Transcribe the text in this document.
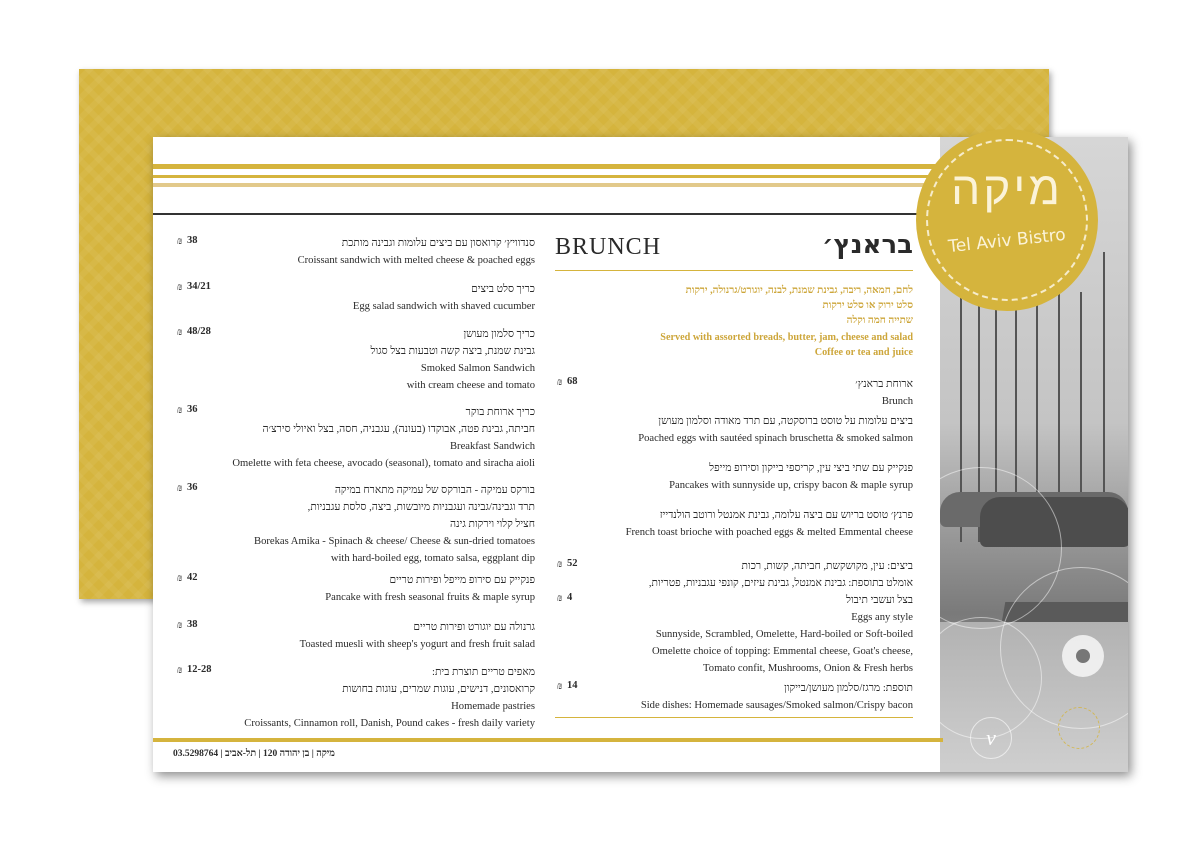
v
מיקה | בן יהודה 120 | תל-אביב | 03.5298764
מיקה
Tel Aviv Bistro
בראנץ׳
BRUNCH
לחם, חמאה, ריבה, גבינת שמנת, לבנה, יוגורט/גרנולה, ירקות
סלט ירוק או סלט ירקות
שתייה חמה וקלה
Served with assorted breads, butter, jam, cheese and salad
Coffee or tea and juice
ארוחת בראנץ׳
Brunch
68
₪
ביצים עלומות על טוסט ברוסקטה, עם תרד מאודה וסלמון מעושן
Poached eggs with sautéed spinach bruschetta & smoked salmon
פנקייק עם שתי ביצי עין, קריספי בייקון וסירופ מייפל
Pancakes with sunnyside up, crispy bacon & maple syrup
פרנץ׳ טוסט בריוש עם ביצה עלומה, גבינת אמנטל ורוטב הולנדייז
French toast brioche with poached eggs & melted Emmental cheese
ביצים: עין, מקושקשת, חביתה, קשות, רכות
אומלט בתוספת: גבינת אמנטל, גבינת עיזים, קונפי עגבניות, פטריות,
בצל ועשבי תיבול
Eggs any style
Sunnyside, Scrambled, Omelette, Hard-boiled or Soft-boiled
Omelette choice of topping: Emmental cheese, Goat's cheese,
Tomato confit, Mushrooms, Onion & Fresh herbs
52
₪
4
₪
תוספת: מרגז/סלמון מעושן/בייקון
Side dishes: Homemade sausages/Smoked salmon/Crispy bacon
14
₪
סנדוויץ׳ קרואסון עם ביצים עלומות וגבינה מותכת
Croissant sandwich with melted cheese & poached eggs
38
₪
כריך סלט ביצים
Egg salad sandwich with shaved cucumber
34/21
₪
כריך סלמון מעושן
גבינת שמנת, ביצה קשה וטבעות בצל סגול
Smoked Salmon Sandwich
with cream cheese and tomato
48/28
₪
כריך ארוחת בוקר
חביתה, גבינת פטה, אבוקדו (בעונה), עגבניה, חסה, בצל ואיולי סירצ׳ה
Breakfast Sandwich
Omelette with feta cheese, avocado (seasonal), tomato and siracha aioli
36
₪
בורקס עמיקה - הבורקס של עמיקה מתארח במיקה
תרד וגבינה/גבינה ועגבניות מיובשות, ביצה, סלסת עגבניות,
חציל קלוי וירקות גינה
Borekas Amika - Spinach & cheese/ Cheese & sun-dried tomatoes
with hard-boiled egg, tomato salsa, eggplant dip
36
₪
פנקייק עם סירופ מייפל ופירות טריים
Pancake with fresh seasonal fruits & maple syrup
42
₪
גרנולה עם יוגורט ופירות טריים
Toasted muesli with sheep's yogurt and fresh fruit salad
38
₪
מאפים טריים תוצרת בית:
קרואסונים, דנישים, עוגות שמרים, עוגות בחושות
Homemade pastries
Croissants, Cinnamon roll, Danish, Pound cakes - fresh daily variety
12-28
₪
